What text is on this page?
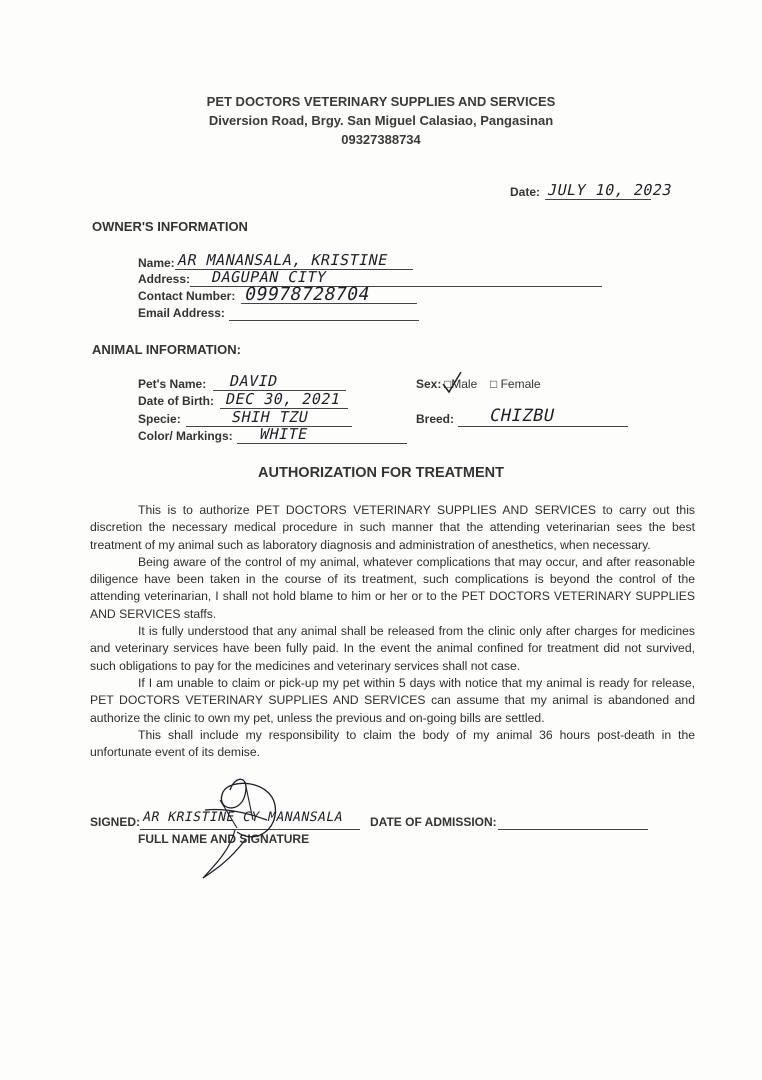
PET DOCTORS VETERINARY SUPPLIES AND SERVICES
Diversion Road, Brgy. San Miguel Calasiao, Pangasinan
09327388734
Date: JULY 10, 2023
OWNER'S INFORMATION
Name: AR MANANSALA, KRISTINE
Address: DAGUPAN CITY
Contact Number: 09978728704
Email Address:
ANIMAL INFORMATION:
Pet's Name: DAVID
Date of Birth: DEC 30, 2021
Specie:	SHIH TZU
Color/ Markings: WHITE
Sex: □Male □ Female
Breed: CHIZBU
AUTHORIZATION FOR TREATMENT

This is to authorize PET DOCTORS VETERINARY SUPPLIES AND SERVICES to carry out this discretion the necessary medical procedure in such manner that the attending veterinarian sees the best treatment of my animal such as laboratory diagnosis and administration of anesthetics, when necessary.

Being aware of the control of my animal, whatever complications that may occur, and after reasonable diligence have been taken in the course of its treatment, such complications is beyond the control of the attending veterinarian, I shall not hold blame to him or her or to the PET DOCTORS VETERINARY SUPPLIES AND SERVICES staffs.

It is fully understood that any animal shall be released from the clinic only after charges for medicines and veterinary services have been fully paid. In the event the animal confined for treatment did not survived, such obligations to pay for the medicines and veterinary services shall not case.

If I am unable to claim or pick-up my pet within 5 days with notice that my animal is ready for release, PET DOCTORS VETERINARY SUPPLIES AND SERVICES can assume that my animal is abandoned and authorize the clinic to own my pet, unless the previous and on-going bills are settled.

This shall include my responsibility to claim the body of my animal 36 hours post-death in the unfortunate event of its demise.

SIGNED: AR KRISTINE CY MANANSALA
FULL NAME AND SIGNATURE
DATE OF ADMISSION:
